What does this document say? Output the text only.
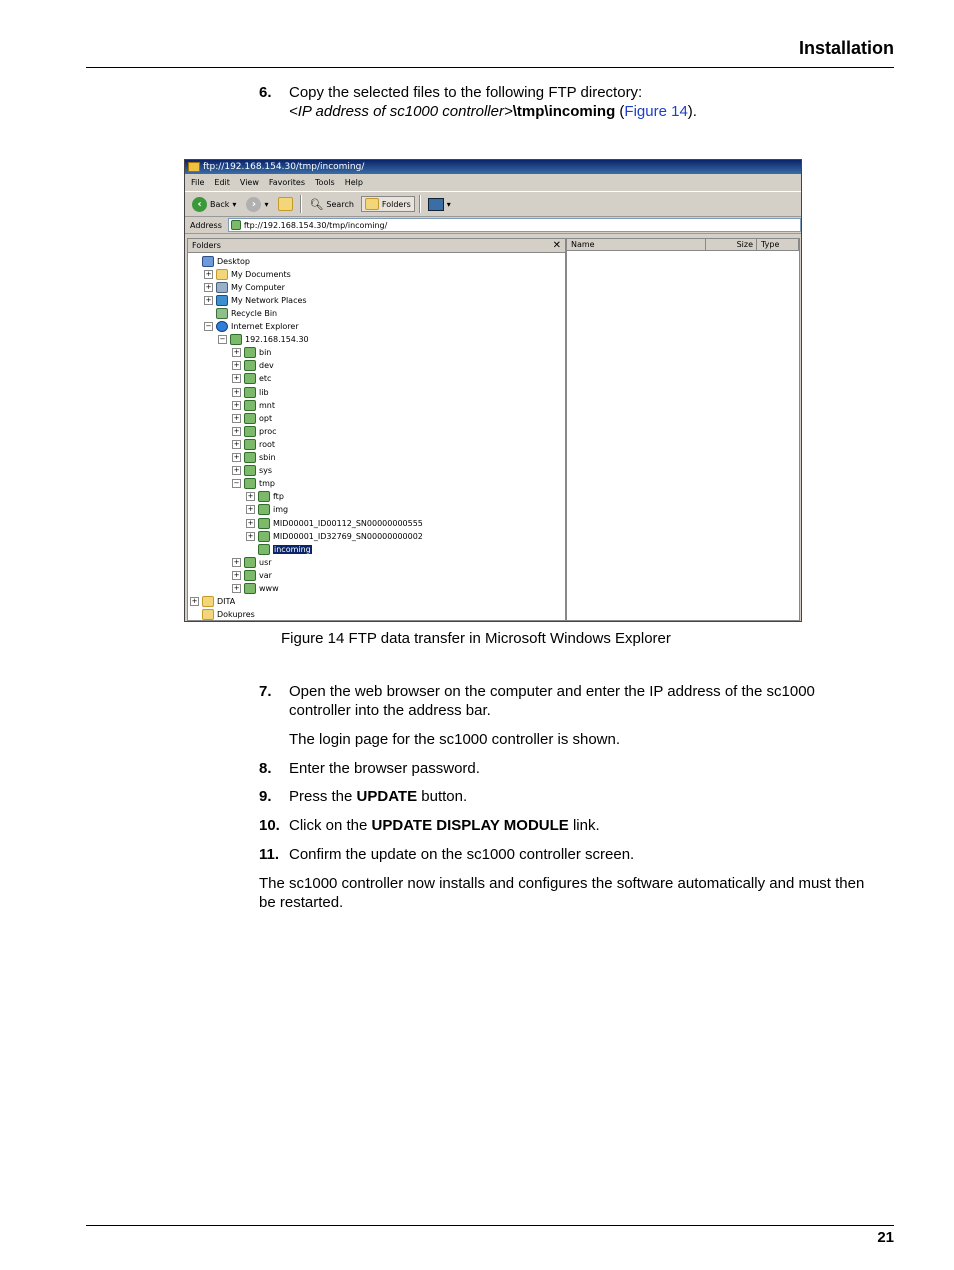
Installation
6. Copy the selected files to the following FTP directory:
<IP address of sc1000 controller>\tmp\incoming (Figure 14).
ftp://192.168.154.30/tmp/incoming/
File Edit View Favorites Tools Help
‹	Back ▾	›	▾	🔍︎ Search	Folders	▾
Address	ftp://192.168.154.30/tmp/incoming/
Folders	✕
Desktop
+ My Documents
+ My Computer
+ My Network Places
Recycle Bin
− Internet Explorer
− 192.168.154.30
+ bin
+ dev
+ etc
+ lib
+ mnt
+ opt
+ proc
+ root
+ sbin
+ sys
− tmp
+ ftp
+ img
+ MID00001_ID00112_SN00000000555
+ MID00001_ID32769_SN00000000002
incoming
+ usr
+ var
+ www
+ DITA
Dokupres
Name	Size	Type
Figure 14 FTP data transfer in Microsoft Windows Explorer
7. Open the web browser on the computer and enter the IP address of the sc1000 controller into the address bar.
The login page for the sc1000 controller is shown.
8. Enter the browser password.
9. Press the UPDATE button.
10. Click on the UPDATE DISPLAY MODULE link.
11. Confirm the update on the sc1000 controller screen.
The sc1000 controller now installs and configures the software automatically and must then be restarted.
21
